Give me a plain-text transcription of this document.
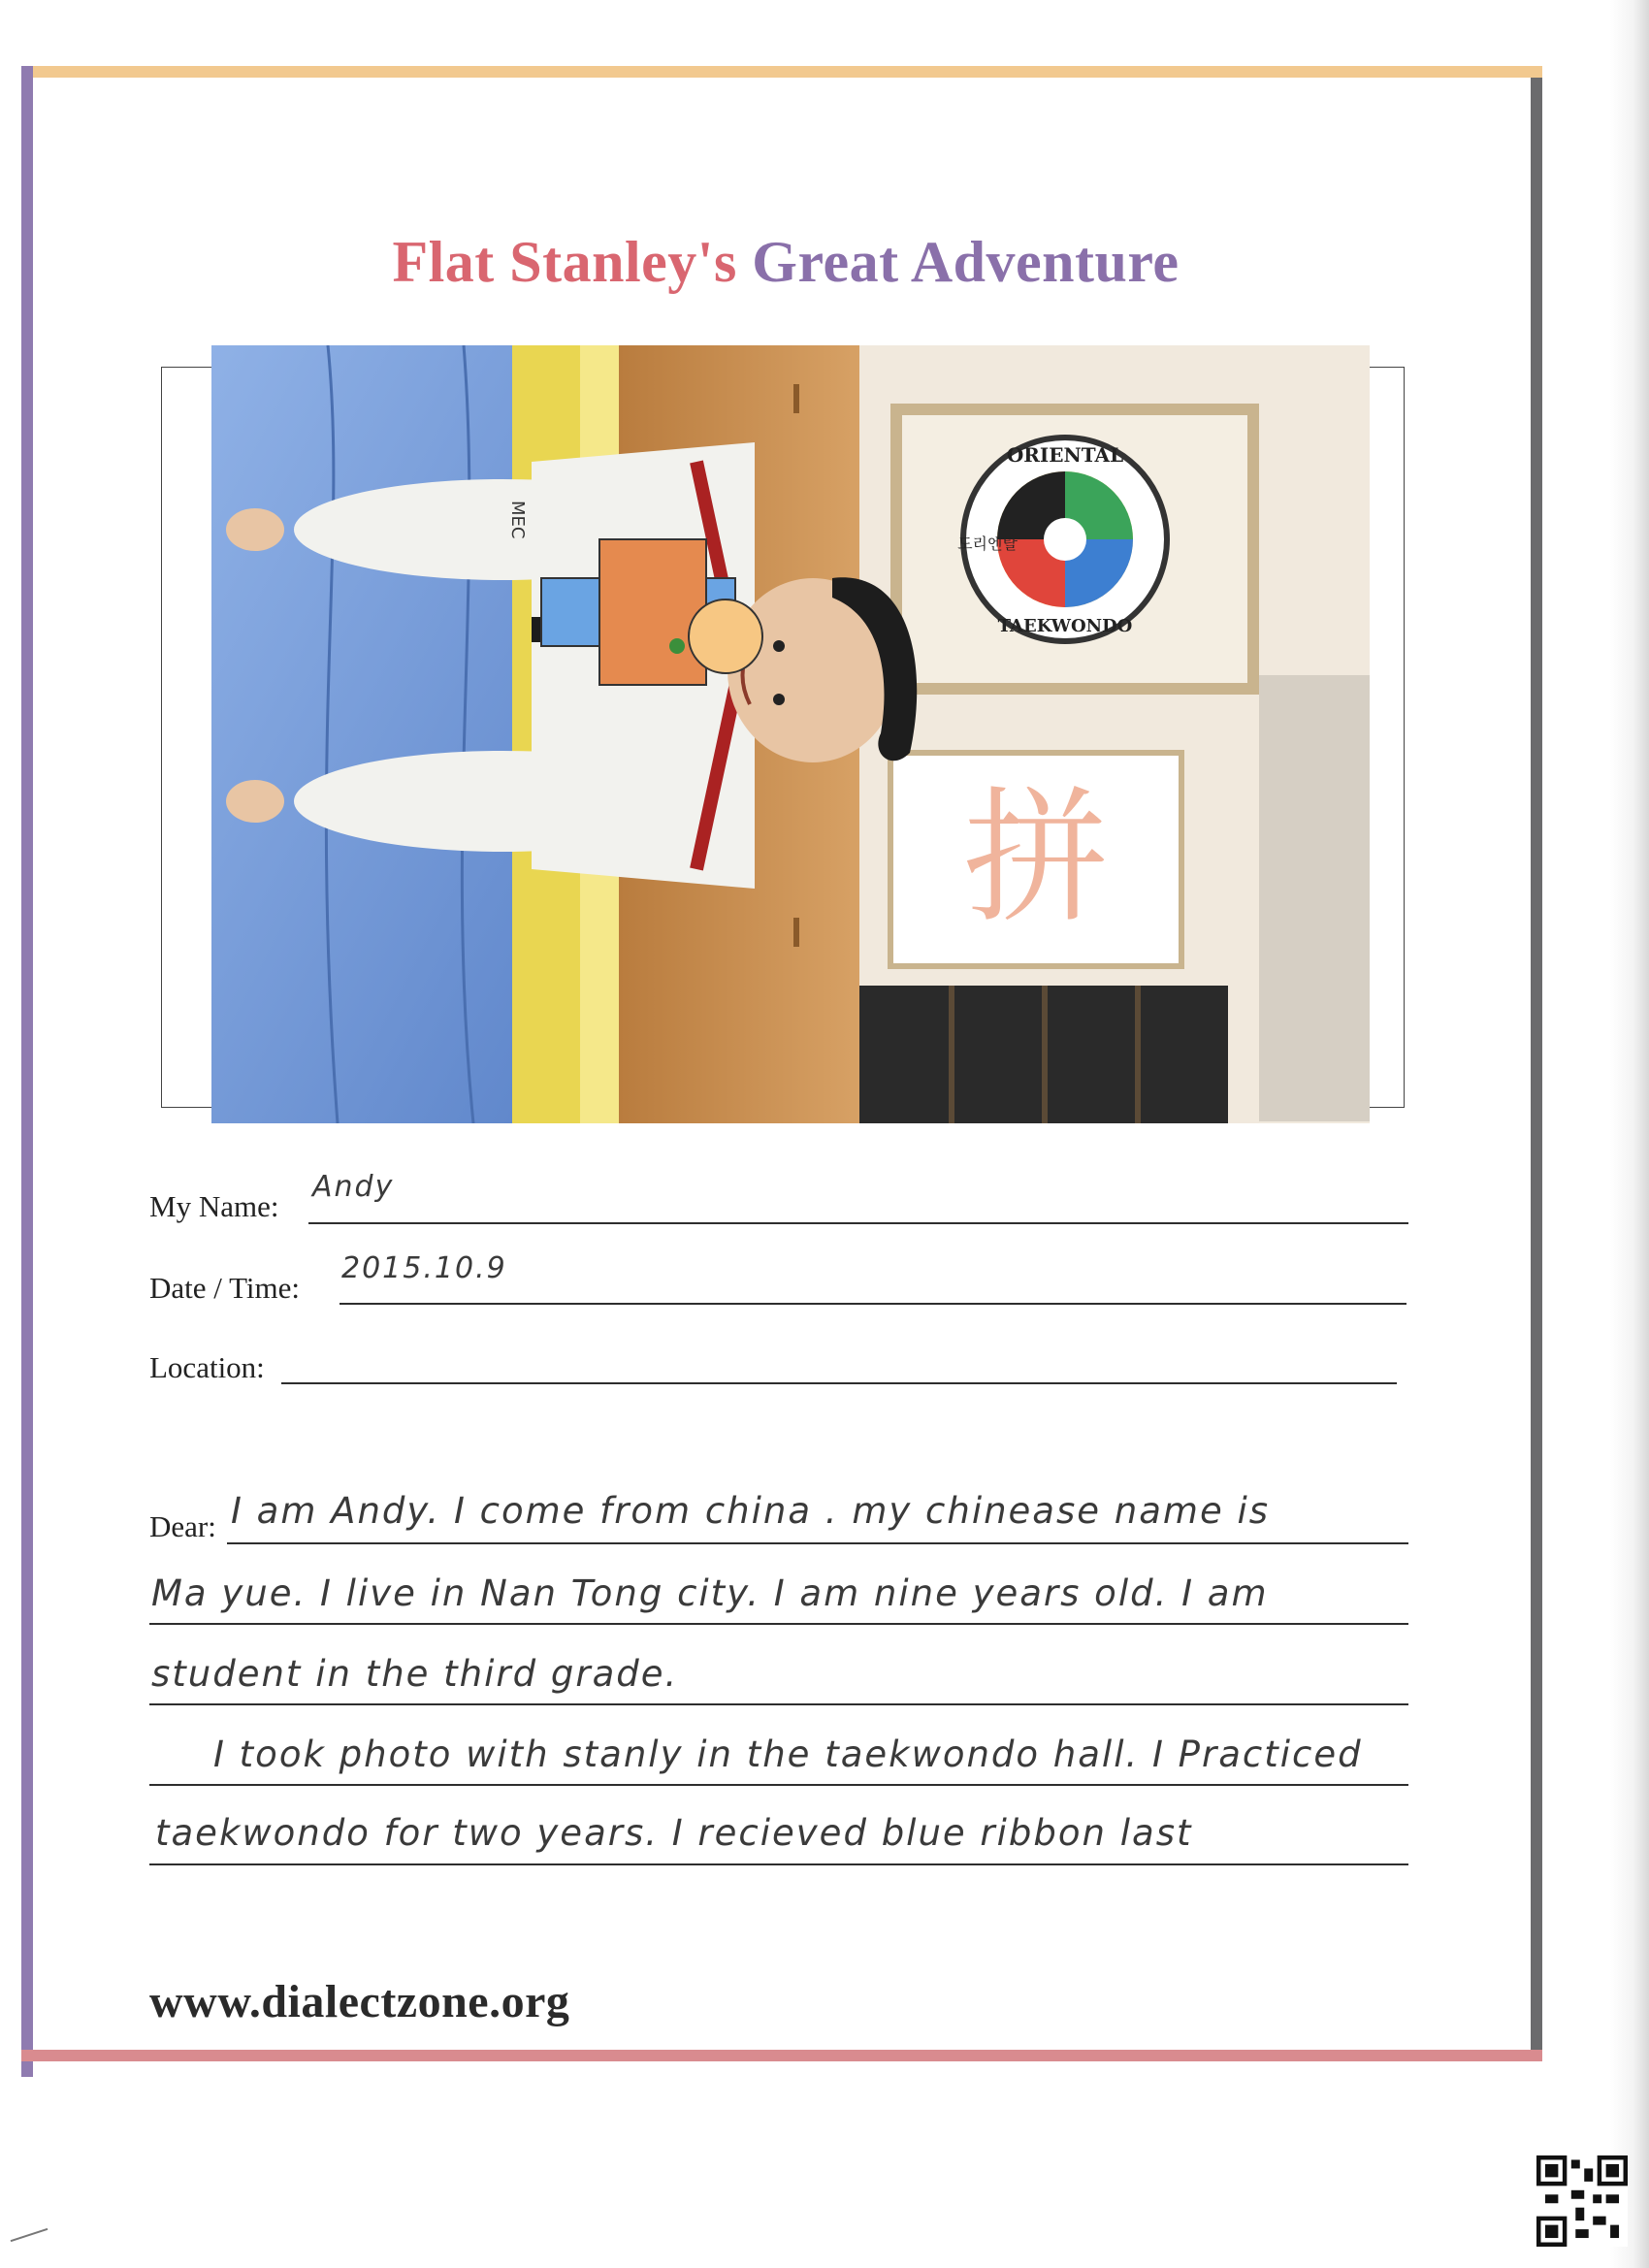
Flat Stanley's Great Adventure
ORIENTAL
TAEKWONDO
도리엔탈
拼
MEC
My Name:
Andy
Date / Time:
2015.10.9
Location:
Dear: I am Andy. I come from china . my chinease name is
Ma yue. I live in Nan Tong city. I am nine years old. I am
student in the third grade.
I took photo with stanly in the taekwondo hall. I Practiced
taekwondo for two years. I recieved blue ribbon last
www.dialectzone.org
